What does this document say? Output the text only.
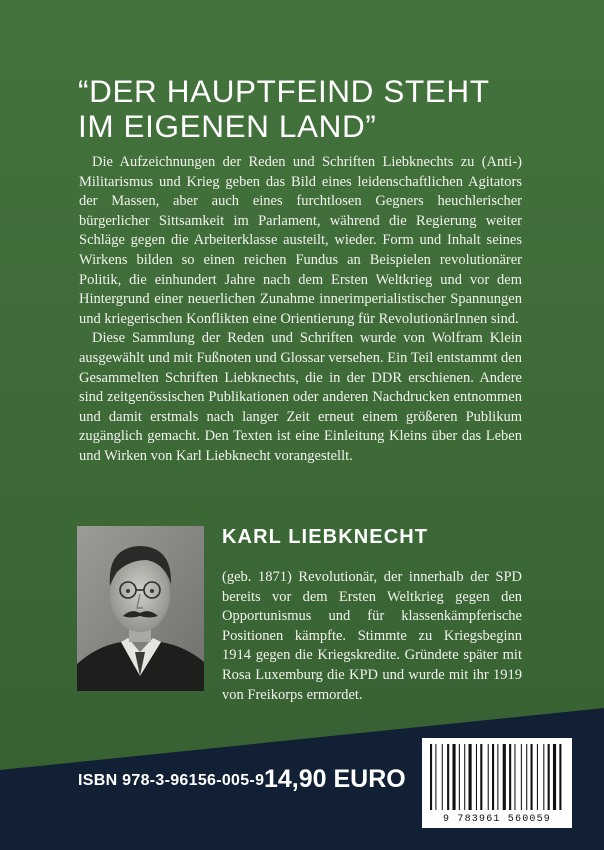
“DER HAUPTFEIND STEHT
IM EIGENEN LAND”

Die Aufzeichnungen der Reden und Schriften Liebknechts zu (Anti-) Militarismus und Krieg geben das Bild eines leidenschaftlichen Agitators der Massen, aber auch eines furchtlosen Gegners heuchlerischer bürgerlicher Sittsamkeit im Parlament, während die Regierung weiter Schläge gegen die Arbeiterklasse austeilt, wieder. Form und Inhalt seines Wirkens bilden so einen reichen Fundus an Beispielen revolutionärer Politik, die einhundert Jahre nach dem Ersten Weltkrieg und vor dem Hintergrund einer neuerlichen Zunahme innerimperialistischer Spannungen und kriegerischen Konflikten eine Orientierung für RevolutionärInnen sind.

Diese Sammlung der Reden und Schriften wurde von Wolfram Klein ausgewählt und mit Fußnoten und Glossar versehen. Ein Teil entstammt den Gesammelten Schriften Liebknechts, die in der DDR erschienen. Andere sind zeitgenössischen Publikationen oder anderen Nachdrucken entnommen und damit erstmals nach langer Zeit erneut einem größeren Publikum zugänglich gemacht. Den Texten ist eine Einleitung Kleins über das Leben und Wirken von Karl Liebknecht vorangestellt.

KARL LIEBKNECHT

(geb. 1871) Revolutionär, der innerhalb der SPD bereits vor dem Ersten Weltkrieg gegen den Opportunismus und für klassenkämpferische Positionen kämpfte. Stimmte zu Kriegsbeginn 1914 gegen die Kriegskredite. Gründete später mit Rosa Luxemburg die KPD und wurde mit ihr 1919 von Freikorps ermordet.

ISBN 978-3-96156-005-9 14,90 EURO
9 783961 560059
